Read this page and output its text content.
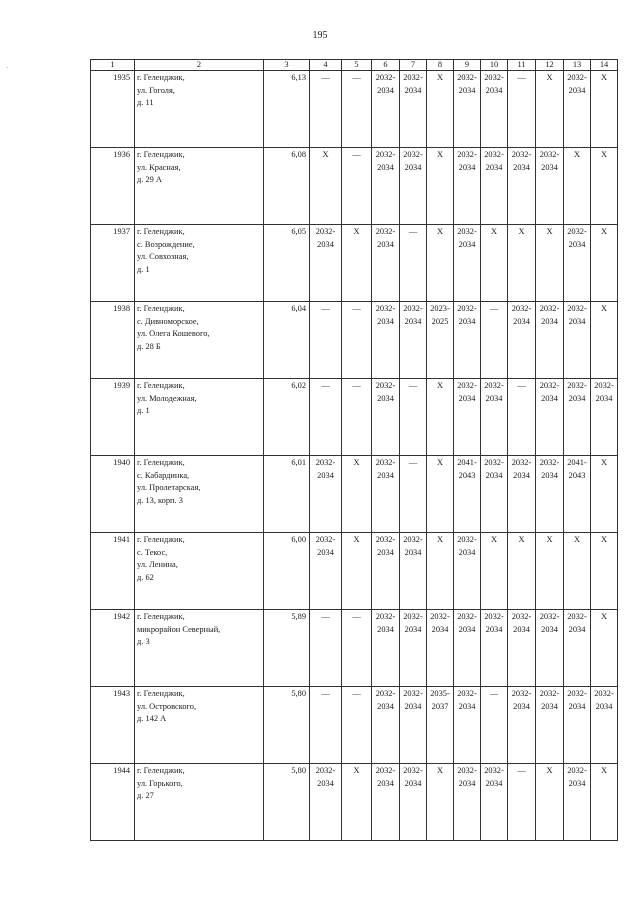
195
·	1	2	3	4	5	6	7	8	9	10	11	12	13	14
1935	г. Геленджик,
ул. Гоголя,
д. 11	6,13	—	—	2032-2034	2032-2034	X	2032-2034	2032-2034	—	X	2032-2034	X
1936	г. Геленджик,
ул. Красная,
д. 29 А	6,08	X	—	2032-2034	2032-2034	X	2032-2034	2032-2034	2032-2034	2032-2034	X	X
1937	г. Геленджик,
с. Возрождение,
ул. Совхозная,
д. 1	6,05	2032-2034	X	2032-2034	—	X	2032-2034	X	X	X	2032-2034	X
1938	г. Геленджик,
с. Дивноморское,
ул. Олега Кошевого,
д. 28 Б	6,04	—	—	2032-2034	2032-2034	2023-2025	2032-2034	—	2032-2034	2032-2034	2032-2034	X
1939	г. Геленджик,
ул. Молодежная,
д. 1	6,02	—	—	2032-2034	—	X	2032-2034	2032-2034	—	2032-2034	2032-2034	2032-2034
1940	г. Геленджик,
с. Кабардинка,
ул. Пролетарская,
д. 13, корп. 3	6,01	2032-2034	X	2032-2034	—	X	2041-2043	2032-2034	2032-2034	2032-2034	2041-2043	X
1941	г. Геленджик,
с. Текос,
ул. Ленина,
д. 62	6,00	2032-2034	X	2032-2034	2032-2034	X	2032-2034	X	X	X	X	X
1942	г. Геленджик,
микрорайон Северный,
д. 3	5,89	—	—	2032-2034	2032-2034	2032-2034	2032-2034	2032-2034	2032-2034	2032-2034	2032-2034	X
1943	г. Геленджик,
ул. Островского,
д. 142 А	5,80	—	—	2032-2034	2032-2034	2035-2037	2032-2034	—	2032-2034	2032-2034	2032-2034	2032-2034
1944	г. Геленджик,
ул. Горького,
д. 27	5,80	2032-2034	X	2032-2034	2032-2034	X	2032-2034	2032-2034	—	X	2032-2034	X
